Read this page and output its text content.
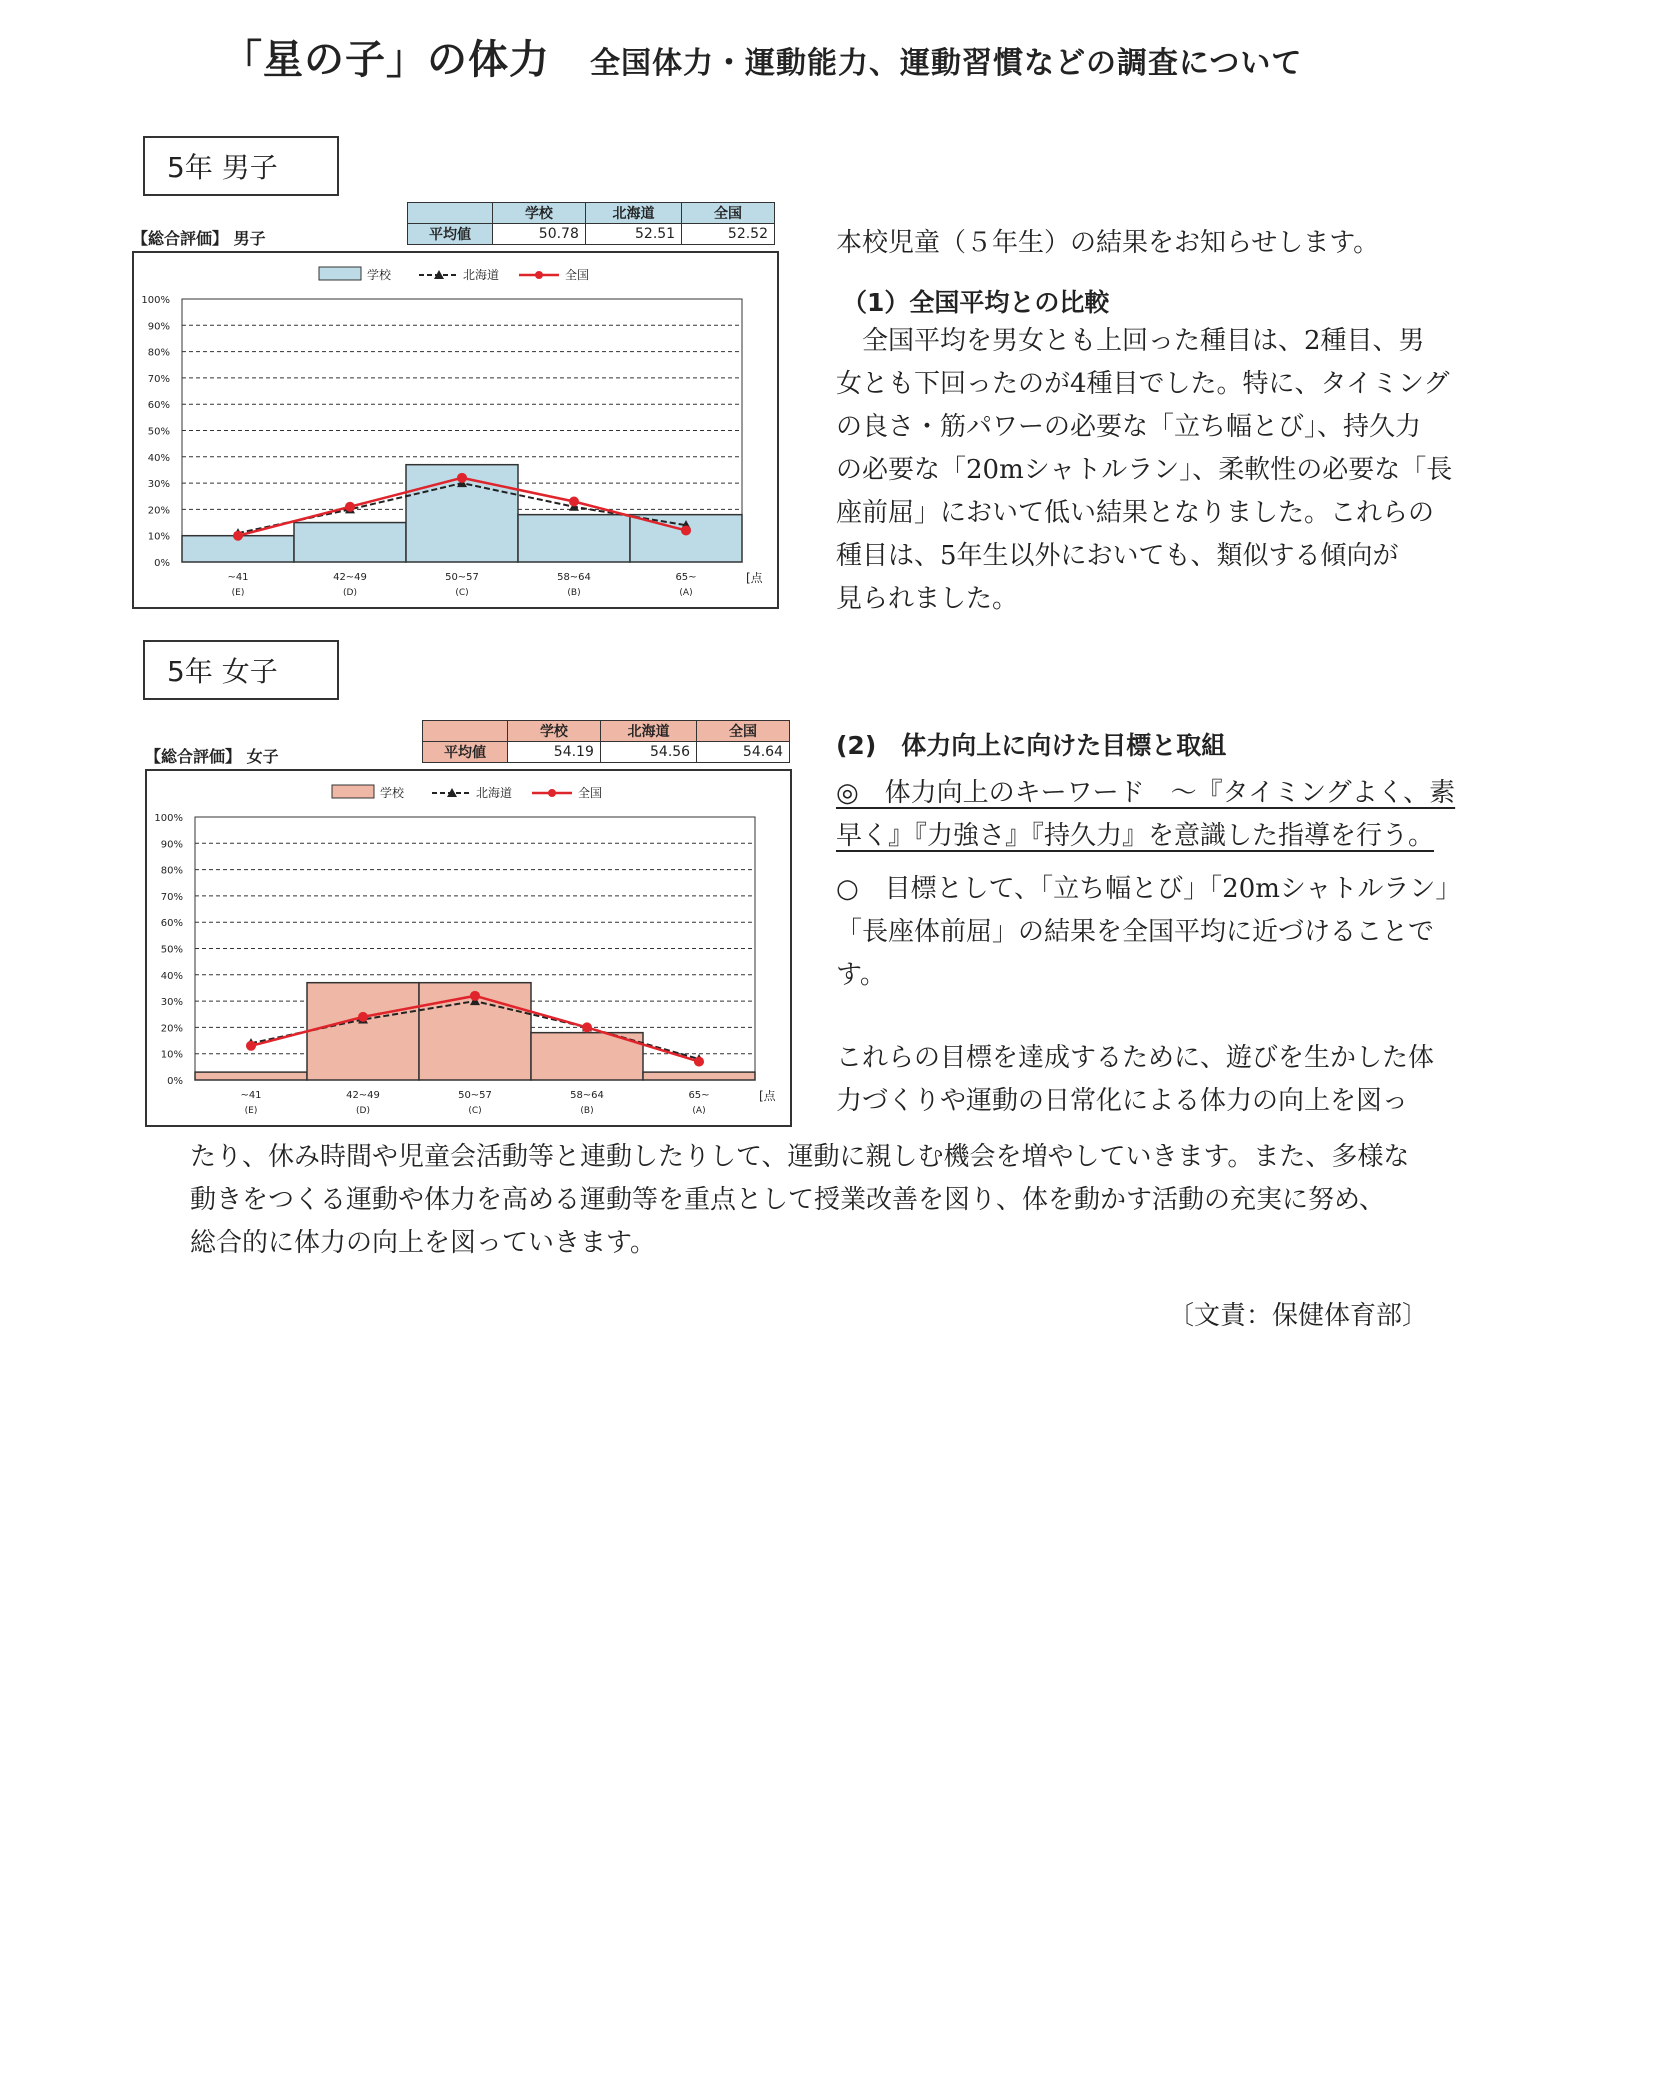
「星の子」の体力 全国体力・運動能力、運動習慣などの調査について
5年 男子
【総合評価】 男子
	学校	北海道	全国
平均値	50.78	52.51	52.52
0%
10%
20%
30%
40%
50%
60%
70%
80%
90%
100%
~41
(E)
42~49
(D)
50~57
(C)
58~64
(B)
65~
(A)
[点
学校	北海道	全国
5年 女子
【総合評価】 女子
	学校	北海道	全国
平均値	54.19	54.56	54.64
0%
10%
20%
30%
40%
50%
60%
70%
80%
90%
100%
~41
(E)
42~49
(D)
50~57
(C)
58~64
(B)
65~
(A)
[点
学校	北海道	全国
本校児童（５年生）の結果をお知らせします。
（1）全国平均との比較
　全国平均を男女とも上回った種目は、2種目、男
女とも下回ったのが4種目でした。特に、タイミング
の良さ・筋パワーの必要な「立ち幅とび」、持久力
の必要な「20mシャトルラン」、柔軟性の必要な「長
座前屈」において低い結果となりました。これらの
種目は、5年生以外においても、類似する傾向が
見られました。
(2)　体力向上に向けた目標と取組
◎　体力向上のキーワード　～『タイミングよく、素
早く』『力強さ』『持久力』を意識した指導を行う。
○　目標として、「立ち幅とび」「20mシャトルラン」
「長座体前屈」の結果を全国平均に近づけることで
す。
これらの目標を達成するために、遊びを生かした体
力づくりや運動の日常化による体力の向上を図っ
たり、休み時間や児童会活動等と連動したりして、運動に親しむ機会を増やしていきます。また、多様な
動きをつくる運動や体力を高める運動等を重点として授業改善を図り、体を動かす活動の充実に努め、
総合的に体力の向上を図っていきます。
〔文責：保健体育部〕
